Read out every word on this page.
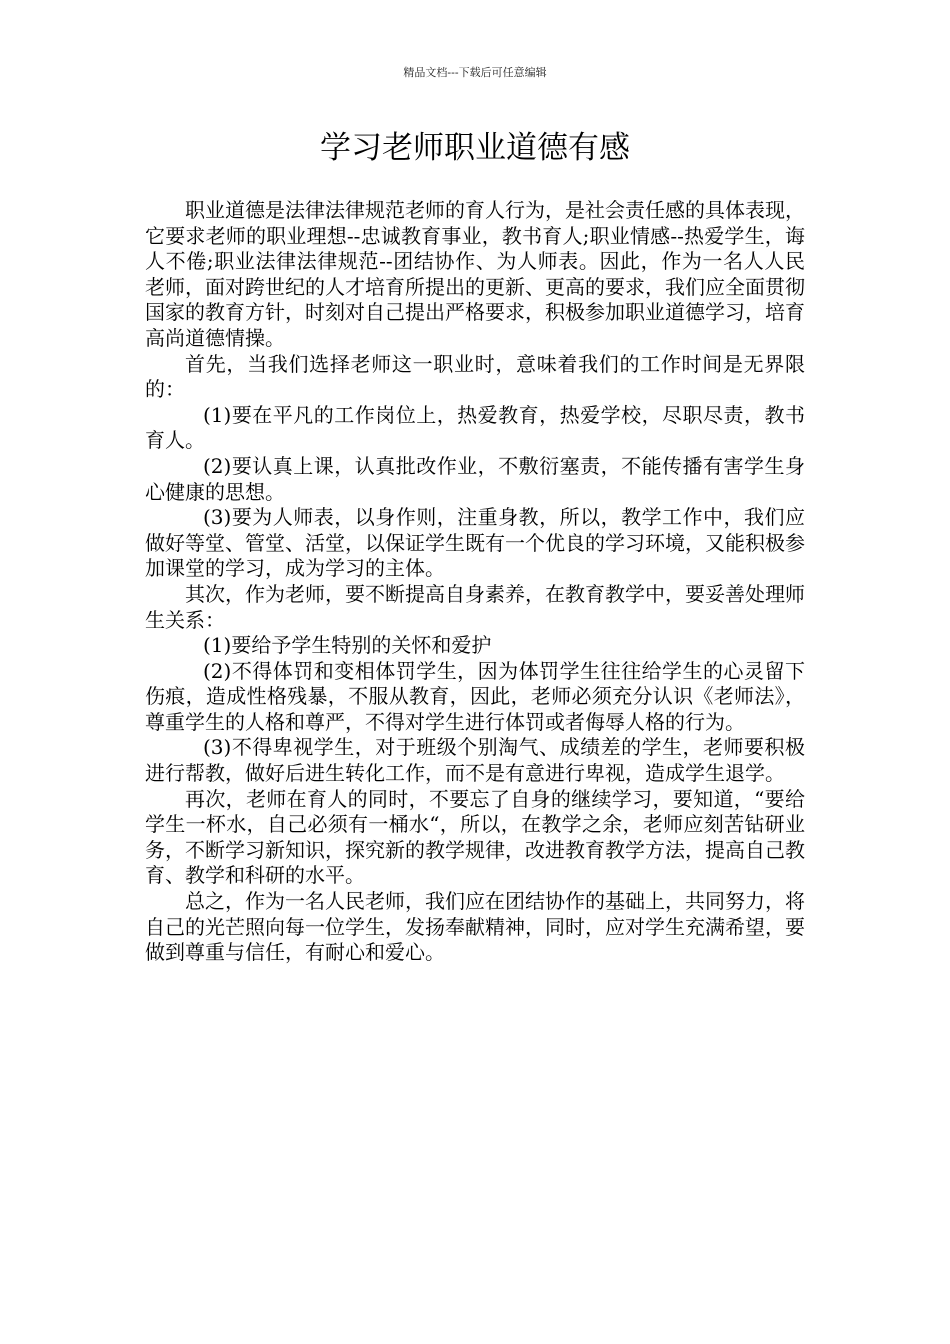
精品文档---下载后可任意编辑
学习老师职业道德有感

职业道德是法律法律规范老师的育人行为，是社会责任感的具体表现，它要求老师的职业理想--忠诚教育事业，教书育人;职业情感--热爱学生，诲人不倦;职业法律法律规范--团结协作、为人师表。因此，作为一名人人民老师，面对跨世纪的人才培育所提出的更新、更高的要求，我们应全面贯彻国家的教育方针，时刻对自己提出严格要求，积极参加职业道德学习，培育高尚道德情操。

首先，当我们选择老师这一职业时，意味着我们的工作时间是无界限的：

(1)要在平凡的工作岗位上，热爱教育，热爱学校，尽职尽责，教书育人。

(2)要认真上课，认真批改作业，不敷衍塞责，不能传播有害学生身心健康的思想。

(3)要为人师表，以身作则，注重身教，所以，教学工作中，我们应做好等堂、管堂、活堂，以保证学生既有一个优良的学习环境，又能积极参加课堂的学习，成为学习的主体。

其次，作为老师，要不断提高自身素养，在教育教学中，要妥善处理师生关系：

(1)要给予学生特别的关怀和爱护

(2)不得体罚和变相体罚学生，因为体罚学生往往给学生的心灵留下伤痕，造成性格残暴，不服从教育，因此，老师必须充分认识《老师法》，尊重学生的人格和尊严，不得对学生进行体罚或者侮辱人格的行为。

(3)不得卑视学生，对于班级个别淘气、成绩差的学生，老师要积极进行帮教，做好后进生转化工作，而不是有意进行卑视，造成学生退学。

再次，老师在育人的同时，不要忘了自身的继续学习，要知道，“要给学生一杯水，自己必须有一桶水“，所以，在教学之余，老师应刻苦钻研业务，不断学习新知识，探究新的教学规律，改进教育教学方法，提高自己教育、教学和科研的水平。

总之，作为一名人民老师，我们应在团结协作的基础上，共同努力，将自己的光芒照向每一位学生，发扬奉献精神，同时，应对学生充满希望，要做到尊重与信任，有耐心和爱心。
